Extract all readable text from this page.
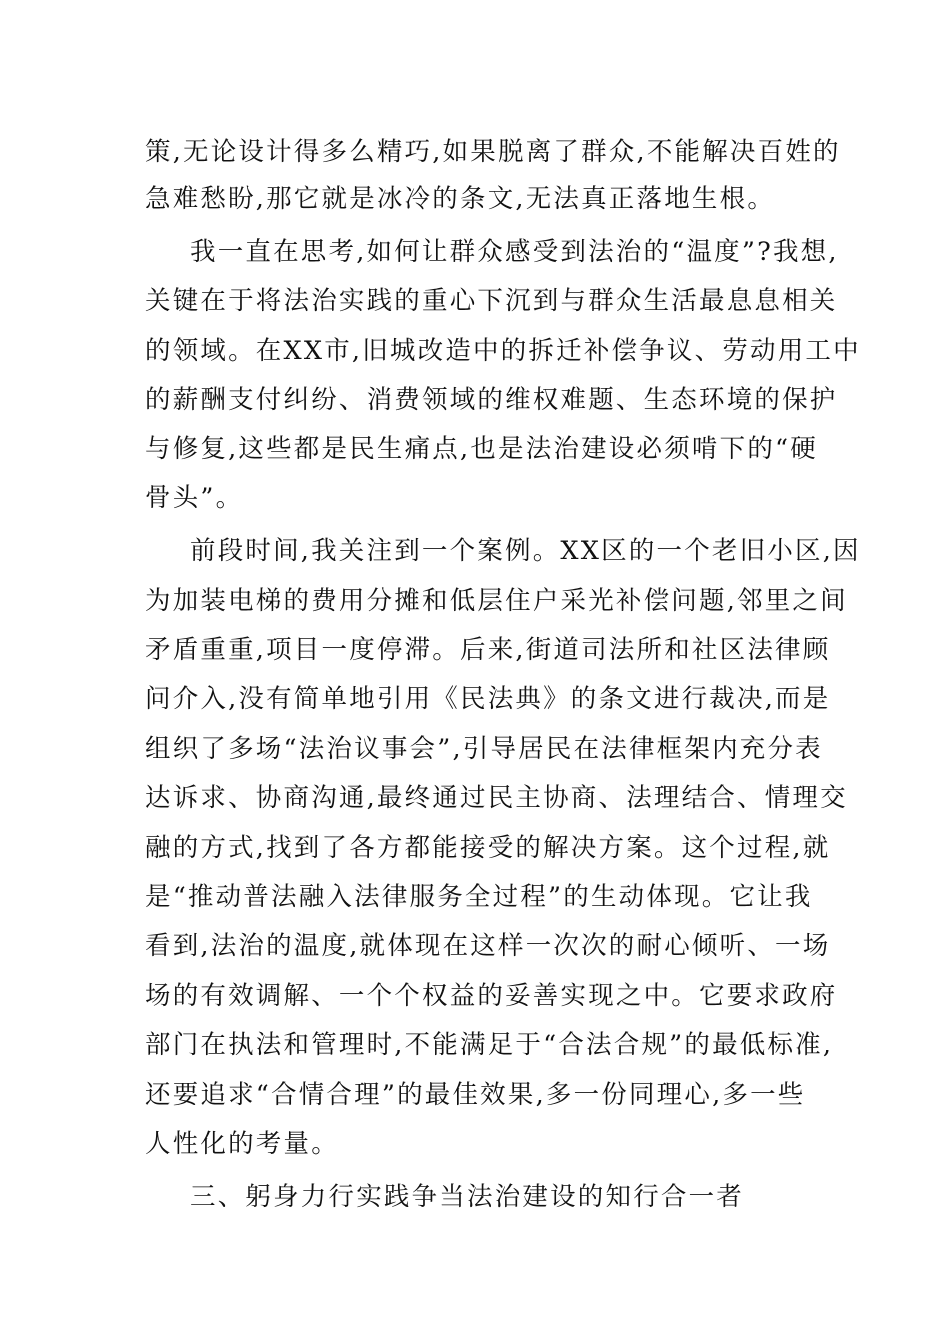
策,无论设计得多么精巧,如果脱离了群众,不能解决百姓的
急难愁盼,那它就是冰冷的条文,无法真正落地生根。
我一直在思考,如何让群众感受到法治的“温度”?我想,
关键在于将法治实践的重心下沉到与群众生活最息息相关
的领域。在XX市,旧城改造中的拆迁补偿争议、劳动用工中
的薪酬支付纠纷、消费领域的维权难题、生态环境的保护
与修复,这些都是民生痛点,也是法治建设必须啃下的“硬
骨头”。
前段时间,我关注到一个案例。XX区的一个老旧小区,因
为加装电梯的费用分摊和低层住户采光补偿问题,邻里之间
矛盾重重,项目一度停滞。后来,街道司法所和社区法律顾
问介入,没有简单地引用《民法典》的条文进行裁决,而是
组织了多场“法治议事会”,引导居民在法律框架内充分表
达诉求、协商沟通,最终通过民主协商、法理结合、情理交
融的方式,找到了各方都能接受的解决方案。这个过程,就
是“推动普法融入法律服务全过程”的生动体现。它让我
看到,法治的温度,就体现在这样一次次的耐心倾听、一场
场的有效调解、一个个权益的妥善实现之中。它要求政府
部门在执法和管理时,不能满足于“合法合规”的最低标准,
还要追求“合情合理”的最佳效果,多一份同理心,多一些
人性化的考量。
三、躬身力行实践争当法治建设的知行合一者
